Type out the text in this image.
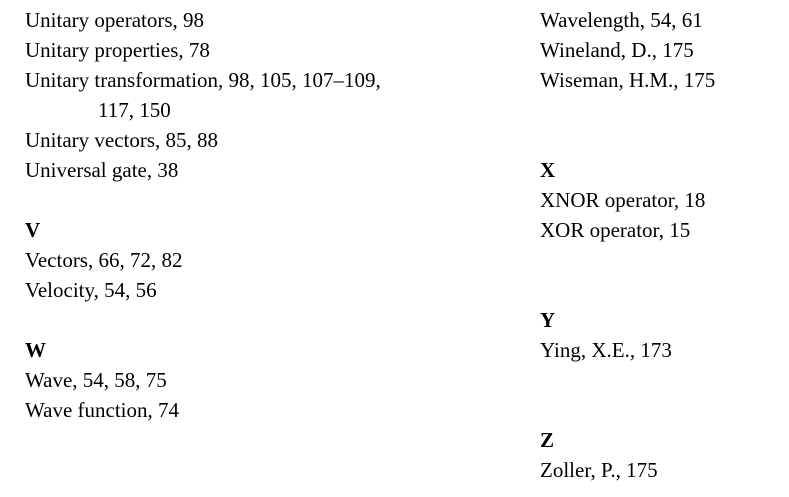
Unitary operators, 98
Unitary properties, 78
Unitary transformation, 98, 105, 107–109,
117, 150
Unitary vectors, 85, 88
Universal gate, 38
V
Vectors, 66, 72, 82
Velocity, 54, 56
W
Wave, 54, 58, 75
Wave function, 74
Wavelength, 54, 61
Wineland, D., 175
Wiseman, H.M., 175
X
XNOR operator, 18
XOR operator, 15
Y
Ying, X.E., 173
Z
Zoller, P., 175
